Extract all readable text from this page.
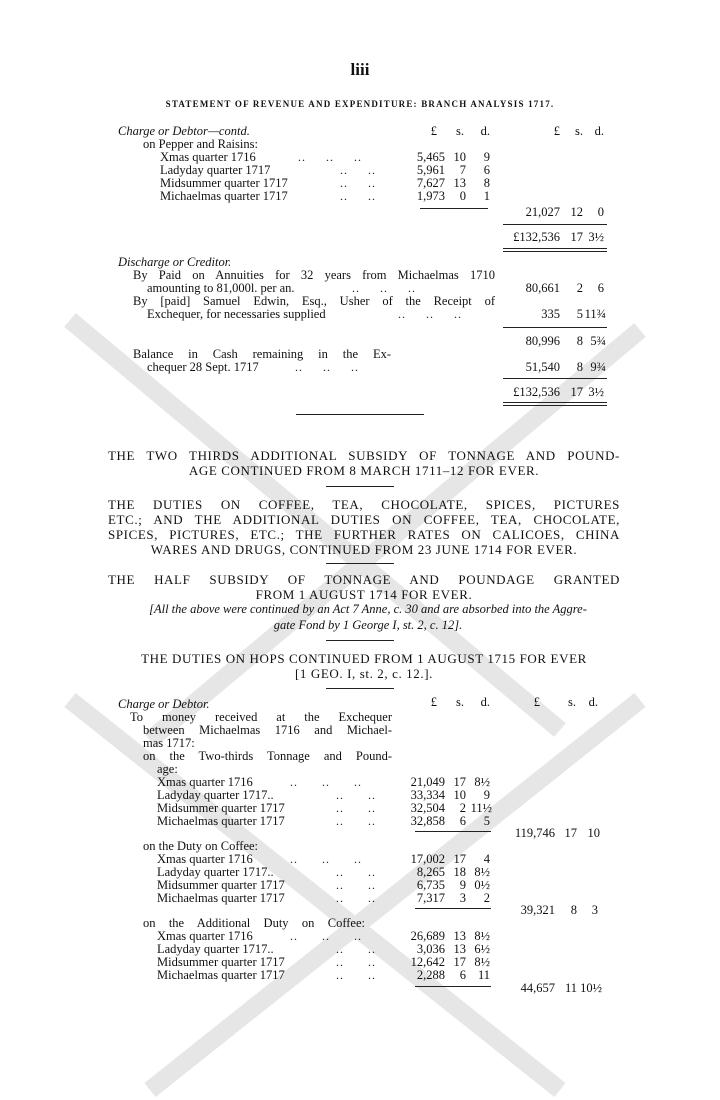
liii
STATEMENT OF REVENUE AND EXPENDITURE: BRANCH ANALYSIS 1717.
Charge or Debtor—contd.	£	s.	d.	£	s. d.
on Pepper and Raisins:
Xmas quarter 1716	..     ..     ..	5,465 10	9
Ladyday quarter 1717	..     ..	5,961	7	6
Midsummer quarter 1717	..     ..	7,627 13	8
Michaelmas quarter 1717	..     ..	1,973	0	1
21,027 12	0
£132,536 17 3½
Discharge or Creditor.
By Paid on Annuities for 32 years from Michaelmas 1710
amounting to 81,000l. per an.	..     ..     ..	80,661	2	6
By [paid] Samuel Edwin, Esq., Usher of the Receipt of
Exchequer, for necessaries supplied	..     ..     ..	335	5 11¾
80,996	8 5¾
Balance in Cash remaining in the Ex-
chequer 28 Sept. 1717	..     ..     ..	51,540	8 9¾
£132,536 17 3½
THE TWO THIRDS ADDITIONAL SUBSIDY OF TONNAGE AND POUND-
AGE CONTINUED FROM 8 MARCH 1711–12 FOR EVER.
THE DUTIES ON COFFEE, TEA, CHOCOLATE, SPICES, PICTURES
ETC.; AND THE ADDITIONAL DUTIES ON COFFEE, TEA, CHOCOLATE,
SPICES, PICTURES, ETC.; THE FURTHER RATES ON CALICOES, CHINA
WARES AND DRUGS, CONTINUED FROM 23 JUNE 1714 FOR EVER.
THE HALF SUBSIDY OF TONNAGE AND POUNDAGE GRANTED
FROM 1 AUGUST 1714 FOR EVER.
[All the above were continued by an Act 7 Anne, c. 30 and are absorbed into the Aggre-
gate Fond by 1 George I, st. 2, c. 12].
THE DUTIES ON HOPS CONTINUED FROM 1 AUGUST 1715 FOR EVER
[1 GEO. I, st. 2, c. 12.].
Charge or Debtor.	£	s.	d.	£	s.	d.
To money received at the Exchequer
between Michaelmas 1716 and Michael-
mas 1717:
on the Two-thirds Tonnage and Pound-
age:
Xmas quarter 1716	..      ..      ..	21,049 17 8½
Ladyday quarter 1717..	..      ..	33,334 10	9
Midsummer quarter 1717	..      ..	32,504	2 11½
Michaelmas quarter 1717	..      ..	32,858	6	5
119,746 17 10
on the Duty on Coffee:
Xmas quarter 1716	..      ..      ..	17,002 17	4
Ladyday quarter 1717..	..      ..	8,265 18 8½
Midsummer quarter 1717	..      ..	6,735	9 0½
Michaelmas quarter 1717	..      ..	7,317	3	2
39,321	8	3
on the Additional Duty on Coffee:
Xmas quarter 1716	..      ..      ..	26,689 13 8½
Ladyday quarter 1717..	..      ..	3,036 13 6½
Midsummer quarter 1717	..      ..	12,642 17 8½
Michaelmas quarter 1717	..      ..	2,288	6 11
44,657 11 10½
